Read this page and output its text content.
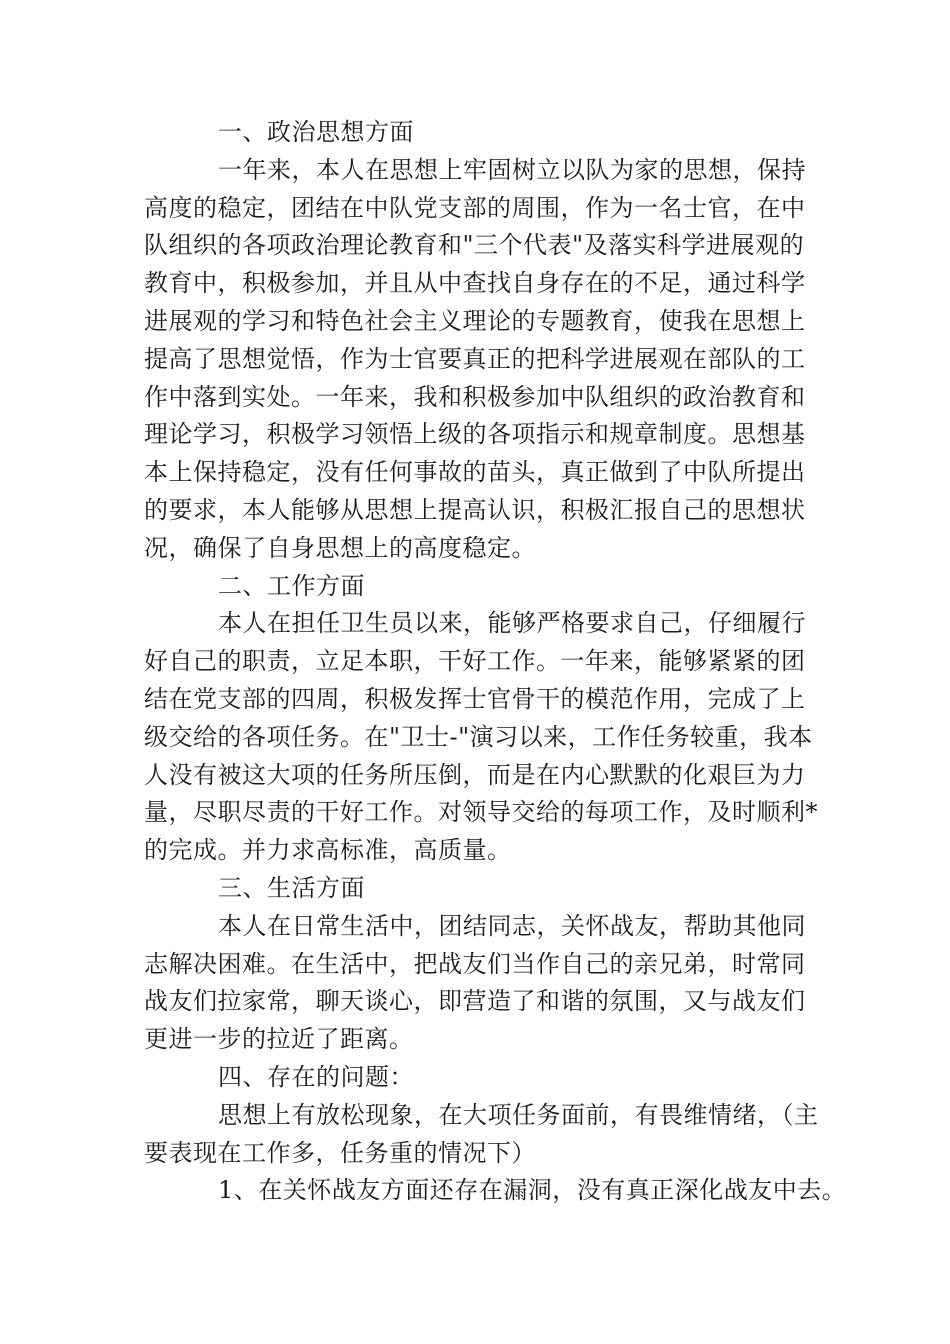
一、政治思想方面
一年来，本人在思想上牢固树立以队为家的思想，保持
高度的稳定，团结在中队党支部的周围，作为一名士官，在中
队组织的各项政治理论教育和"三个代表"及落实科学进展观的
教育中，积极参加，并且从中查找自身存在的不足，通过科学
进展观的学习和特色社会主义理论的专题教育，使我在思想上
提高了思想觉悟，作为士官要真正的把科学进展观在部队的工
作中落到实处。一年来，我和积极参加中队组织的政治教育和
理论学习，积极学习领悟上级的各项指示和规章制度。思想基
本上保持稳定，没有任何事故的苗头，真正做到了中队所提出
的要求，本人能够从思想上提高认识，积极汇报自己的思想状
况，确保了自身思想上的高度稳定。
二、工作方面
本人在担任卫生员以来，能够严格要求自己，仔细履行
好自己的职责，立足本职，干好工作。一年来，能够紧紧的团
结在党支部的四周，积极发挥士官骨干的模范作用，完成了上
级交给的各项任务。在"卫士-"演习以来，工作任务较重，我本
人没有被这大项的任务所压倒，而是在内心默默的化艰巨为力
量，尽职尽责的干好工作。对领导交给的每项工作，及时顺利*
的完成。并力求高标准，高质量。
三、生活方面
本人在日常生活中，团结同志，关怀战友，帮助其他同
志解决困难。在生活中，把战友们当作自己的亲兄弟，时常同
战友们拉家常，聊天谈心，即营造了和谐的氛围，又与战友们
更进一步的拉近了距离。
四、存在的问题：
思想上有放松现象，在大项任务面前，有畏维情绪，（主
要表现在工作多，任务重的情况下）
1、在关怀战友方面还存在漏洞，没有真正深化战友中去。
